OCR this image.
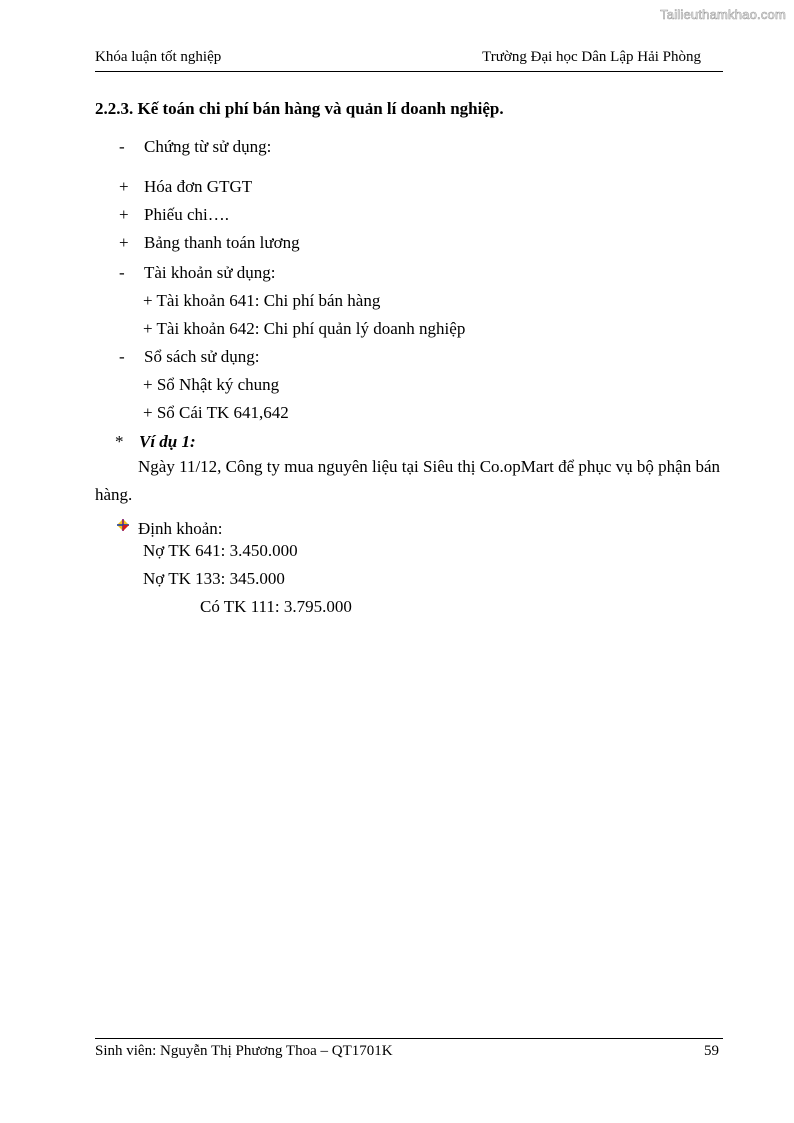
Tailieuthamkhao.com
Khóa luận tốt nghiệp	Trường Đại học Dân Lập Hải Phòng
2.2.3. Kế toán chi phí bán hàng và quản lí doanh nghiệp.
- Chứng từ sử dụng:
+ Hóa đơn GTGT
+ Phiếu chi….
+ Bảng thanh toán lương
- Tài khoản sử dụng:
+ Tài khoản 641: Chi phí bán hàng
+ Tài khoản 642: Chi phí quản lý doanh nghiệp
- Sổ sách sử dụng:
+ Sổ Nhật ký chung
+ Sổ Cái TK 641,642
* Ví dụ 1:
Ngày 11/12, Công ty mua nguyên liệu tại Siêu thị Co.opMart để phục vụ bộ phận bán hàng.
Định khoản:
Nợ TK 641: 3.450.000
Nợ TK 133: 345.000
Có TK 111: 3.795.000
Sinh viên: Nguyễn Thị Phương Thoa – QT1701K	59
